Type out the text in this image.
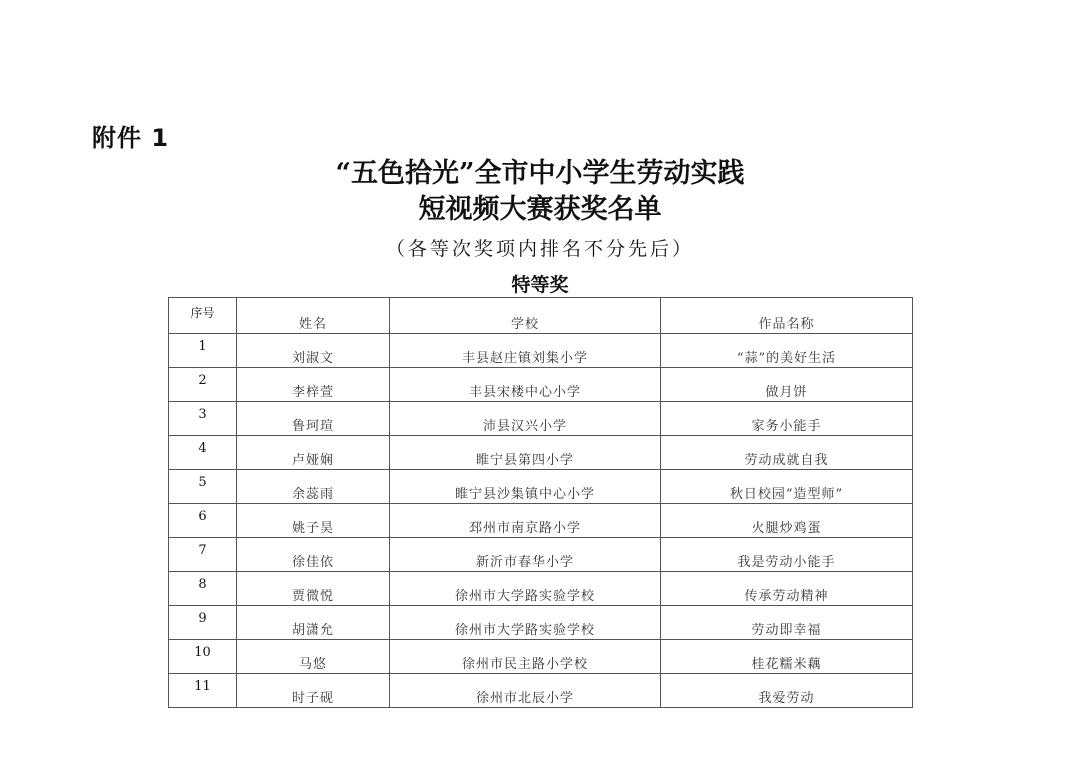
附件 1
“五色拾光”全市中小学生劳动实践
短视频大赛获奖名单
（各等次奖项内排名不分先后）
特等奖
序号	姓名	学校	作品名称
1	刘淑文	丰县赵庄镇刘集小学	“蒜”的美好生活
2	李梓萱	丰县宋楼中心小学	做月饼
3	鲁珂瑄	沛县汉兴小学	家务小能手
4	卢娅娴	睢宁县第四小学	劳动成就自我
5	余蕊雨	睢宁县沙集镇中心小学	秋日校园“造型师”
6	姚子昊	邳州市南京路小学	火腿炒鸡蛋
7	徐佳依	新沂市春华小学	我是劳动小能手
8	贾微悦	徐州市大学路实验学校	传承劳动精神
9	胡潇允	徐州市大学路实验学校	劳动即幸福
10	马悠	徐州市民主路小学校	桂花糯米藕
11	时子砚	徐州市北辰小学	我爱劳动
